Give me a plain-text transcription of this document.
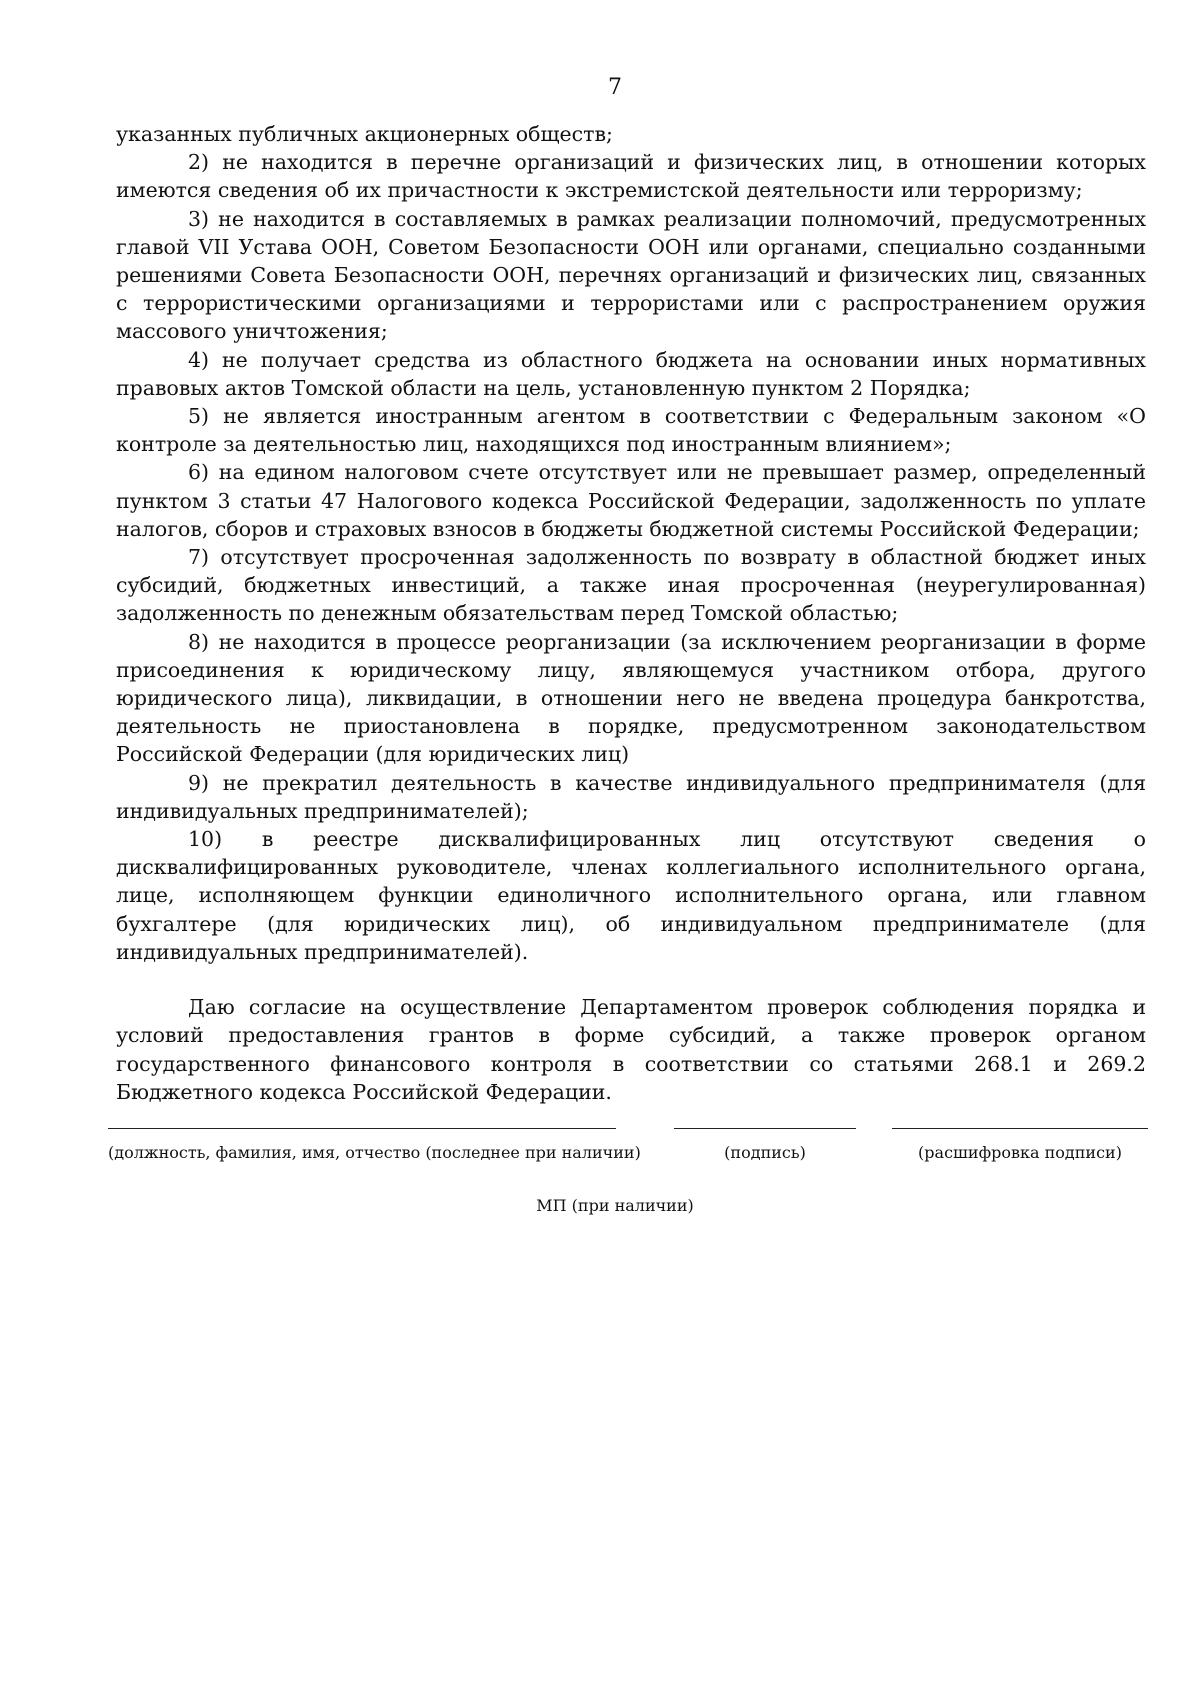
7

указанных публичных акционерных обществ;

2) не находится в перечне организаций и физических лиц, в отношении которых имеются сведения об их причастности к экстремистской деятельности или терроризму;

3) не находится в составляемых в рамках реализации полномочий, предусмотренных главой VII Устава ООН, Советом Безопасности ООН или органами, специально созданными решениями Совета Безопасности ООН, перечнях организаций и физических лиц, связанных с террористическими организациями и террористами или с распространением оружия массового уничтожения;

4) не получает средства из областного бюджета на основании иных нормативных правовых актов Томской области на цель, установленную пунктом 2 Порядка;

5) не является иностранным агентом в соответствии с Федеральным законом «О контроле за деятельностью лиц, находящихся под иностранным влиянием»;

6) на едином налоговом счете отсутствует или не превышает размер, определенный пунктом 3 статьи 47 Налогового кодекса Российской Федерации, задолженность по уплате налогов, сборов и страховых взносов в бюджеты бюджетной системы Российской Федерации;

7) отсутствует просроченная задолженность по возврату в областной бюджет иных субсидий, бюджетных инвестиций, а также иная просроченная (неурегулированная) задолженность по денежным обязательствам перед Томской областью;

8) не находится в процессе реорганизации (за исключением реорганизации в форме присоединения к юридическому лицу, являющемуся участником отбора, другого юридического лица), ликвидации, в отношении него не введена процедура банкротства, деятельность не приостановлена в порядке, предусмотренном законодательством Российской Федерации (для юридических лиц)

9) не прекратил деятельность в качестве индивидуального предпринимателя (для индивидуальных предпринимателей);

10) в реестре дисквалифицированных лиц отсутствуют сведения о дисквалифицированных руководителе, членах коллегиального исполнительного органа, лице, исполняющем функции единоличного исполнительного органа, или главном бухгалтере (для юридических лиц), об индивидуальном предпринимателе (для индивидуальных предпринимателей).

Даю согласие на осуществление Департаментом проверок соблюдения порядка и условий предоставления грантов в форме субсидий, а также проверок органом государственного финансового контроля в соответствии со статьями 268.1 и 269.2 Бюджетного кодекса Российской Федерации.

(должность, фамилия, имя, отчество (последнее при наличии)	(подпись)	(расшифровка подписи)
МП (при наличии)
